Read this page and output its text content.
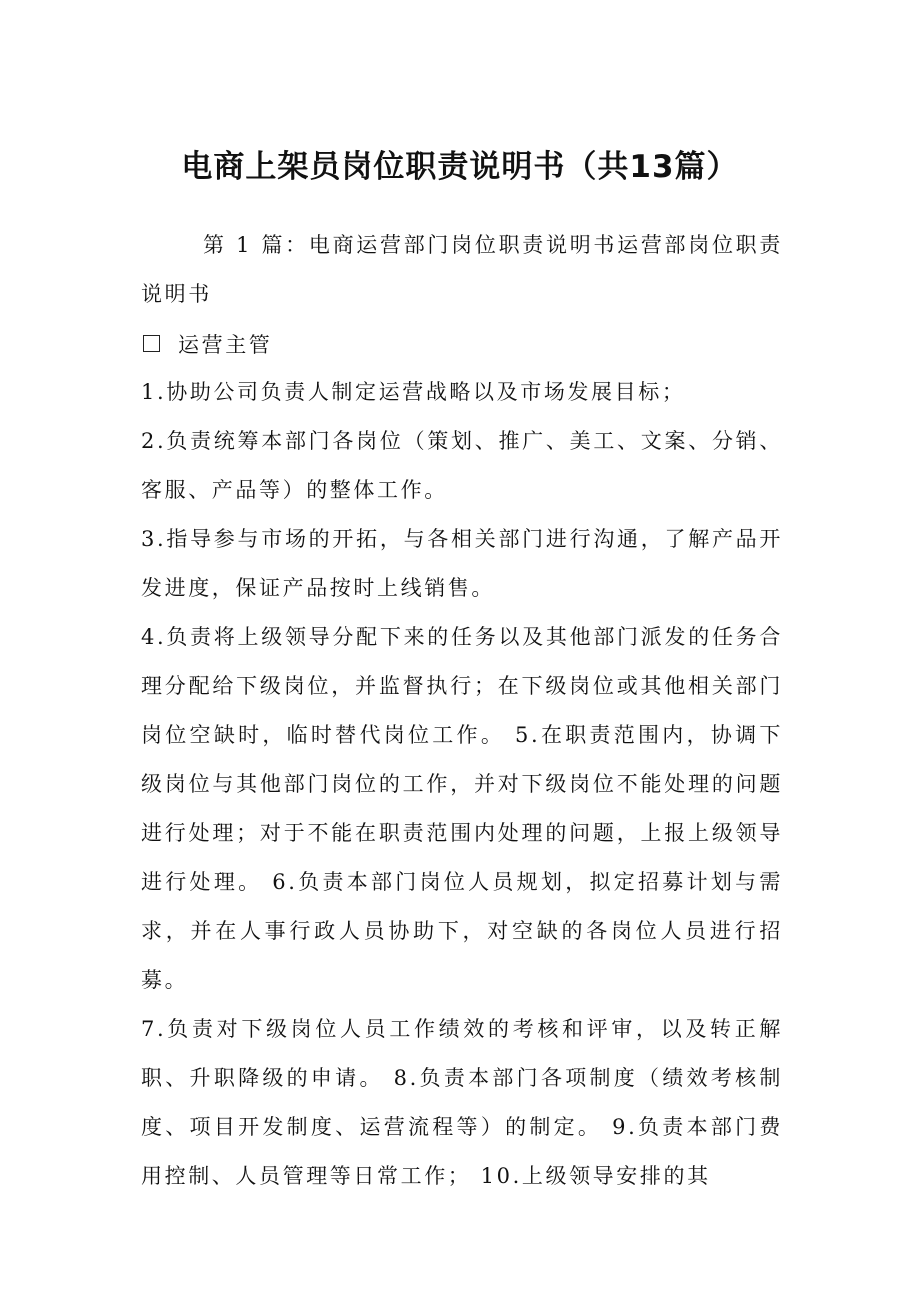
电商上架员岗位职责说明书（共13篇）

第 1 篇：电商运营部门岗位职责说明书运营部岗位职责说明书

运营主管

1.协助公司负责人制定运营战略以及市场发展目标；

2.负责统筹本部门各岗位（策划、推广、美工、文案、分销、客服、产品等）的整体工作。

3.指导参与市场的开拓，与各相关部门进行沟通，了解产品开发进度，保证产品按时上线销售。

4.负责将上级领导分配下来的任务以及其他部门派发的任务合理分配给下级岗位，并监督执行；在下级岗位或其他相关部门岗位空缺时，临时替代岗位工作。 5.在职责范围内，协调下级岗位与其他部门岗位的工作，并对下级岗位不能处理的问题进行处理；对于不能在职责范围内处理的问题，上报上级领导进行处理。 6.负责本部门岗位人员规划，拟定招募计划与需求，并在人事行政人员协助下，对空缺的各岗位人员进行招募。

7.负责对下级岗位人员工作绩效的考核和评审，以及转正解职、升职降级的申请。 8.负责本部门各项制度（绩效考核制度、项目开发制度、运营流程等）的制定。 9.负责本部门费用控制、人员管理等日常工作； 10.上级领导安排的其
